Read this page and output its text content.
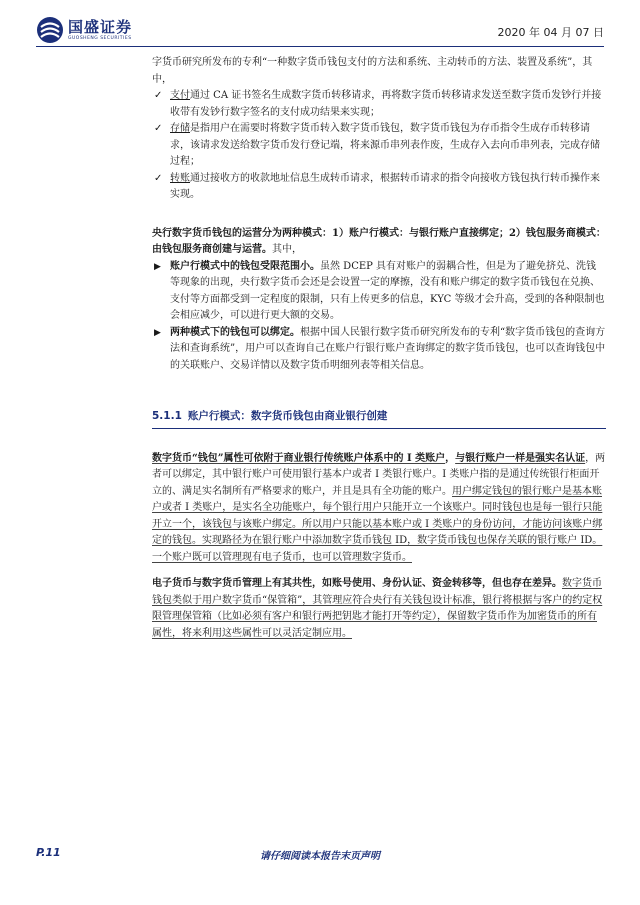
国盛证券
GUOSHENG SECURITIES	2020 年 04 月 07 日

字货币研究所发布的专利“一种数字货币钱包支付的方法和系统、主动转币的方法、装置及系统”，其中，

✓ 支付通过 CA 证书签名生成数字货币转移请求，再将数字货币转移请求发送至数字货币发钞行并接收带有发钞行数字签名的支付成功结果来实现；
✓ 存储是指用户在需要时将数字货币转入数字货币钱包，数字货币钱包为存币指令生成存币转移请求，该请求发送给数字货币发行登记端，将来源币串列表作废，生成存入去向币串列表，完成存储过程；
✓ 转账通过接收方的收款地址信息生成转币请求，根据转币请求的指令向接收方钱包执行转币操作来实现。

央行数字货币钱包的运营分为两种模式：1）账户行模式：与银行账户直接绑定；2）钱包服务商模式：由钱包服务商创建与运营。其中，

▶ 账户行模式中的钱包受限范围小。虽然 DCEP 具有对账户的弱耦合性，但是为了避免挤兑、洗钱等现象的出现，央行数字货币会还是会设置一定的摩擦，没有和账户绑定的数字货币钱包在兑换、支付等方面都受到一定程度的限制，只有上传更多的信息，KYC 等级才会升高，受到的各种限制也会相应减少，可以进行更大额的交易。
▶ 两种模式下的钱包可以绑定。根据中国人民银行数字货币研究所发布的专利“数字货币钱包的查询方法和查询系统”，用户可以查询自己在账户行银行账户查询绑定的数字货币钱包，也可以查询钱包中的关联账户、交易详情以及数字货币明细列表等相关信息。
5.1.1 账户行模式：数字货币钱包由商业银行创建

数字货币“钱包”属性可依附于商业银行传统账户体系中的 I 类账户，与银行账户一样是强实名认证，两者可以绑定，其中银行账户可使用银行基本户或者 I 类银行账户。I 类账户指的是通过传统银行柜面开立的、满足实名制所有严格要求的账户，并且是具有全功能的账户。用户绑定钱包的银行账户是基本账户或者 I 类账户，是实名全功能账户，每个银行用户只能开立一个该账户。同时钱包也是每一银行只能开立一个，该钱包与该账户绑定。所以用户只能以基本账户或 I 类账户的身份访问，才能访问该账户绑定的钱包。实现路径为在银行账户中添加数字货币钱包 ID，数字货币钱包也保存关联的银行账户 ID。一个账户既可以管理现有电子货币，也可以管理数字货币。

电子货币与数字货币管理上有其共性，如账号使用、身份认证、资金转移等，但也存在差异。数字货币钱包类似于用户数字货币“保管箱”，其管理应符合央行有关钱包设计标准，银行将根据与客户的约定权限管理保管箱（比如必须有客户和银行两把钥匙才能打开等约定），保留数字货币作为加密货币的所有属性，将来利用这些属性可以灵活定制应用。

P.11	请仔细阅读本报告末页声明
